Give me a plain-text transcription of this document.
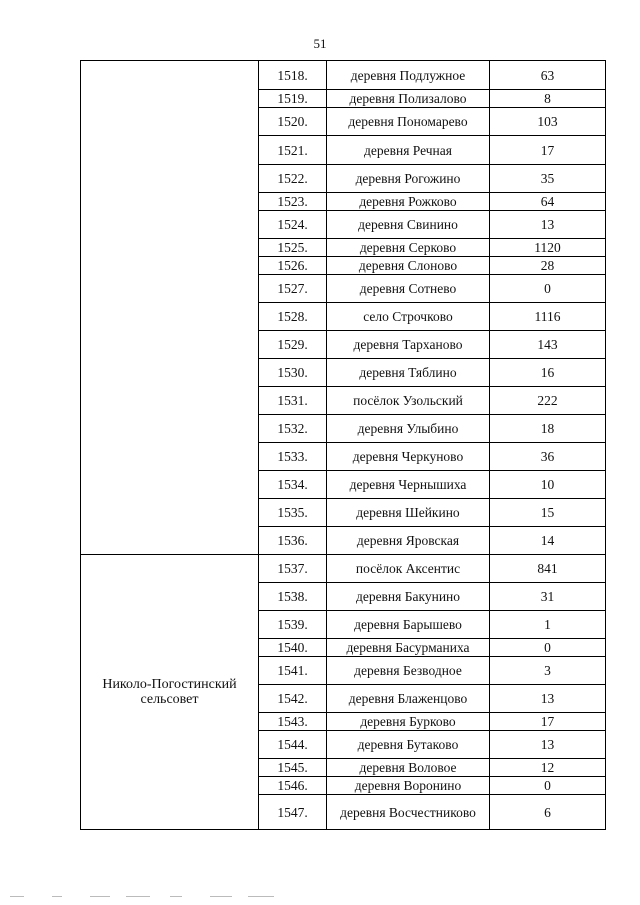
51
	1518.	деревня Подлужное	63
	1519.	деревня Полизалово	8
	1520.	деревня Пономарево	103
	1521.	деревня Речная	17
	1522.	деревня Рогожино	35
	1523.	деревня Рожково	64
	1524.	деревня Свинино	13
	1525.	деревня Серково	1120
	1526.	деревня Слоново	28
	1527.	деревня Сотнево	0
	1528.	село Строчково	1116
	1529.	деревня Тарханово	143
	1530.	деревня Тяблино	16
	1531.	посёлок Узольский	222
	1532.	деревня Улыбино	18
	1533.	деревня Черкуново	36
	1534.	деревня Чернышиха	10
	1535.	деревня Шейкино	15
	1536.	деревня Яровская	14
Николо-Погостинский сельсовет	1537.	посёлок Аксентис	841
	1538.	деревня Бакунино	31
	1539.	деревня Барышево	1
	1540.	деревня Басурманиха	0
	1541.	деревня Безводное	3
	1542.	деревня Блаженцово	13
	1543.	деревня Бурково	17
	1544.	деревня Бутаково	13
	1545.	деревня Воловое	12
	1546.	деревня Воронино	0
	1547.	деревня Восчестниково	6
